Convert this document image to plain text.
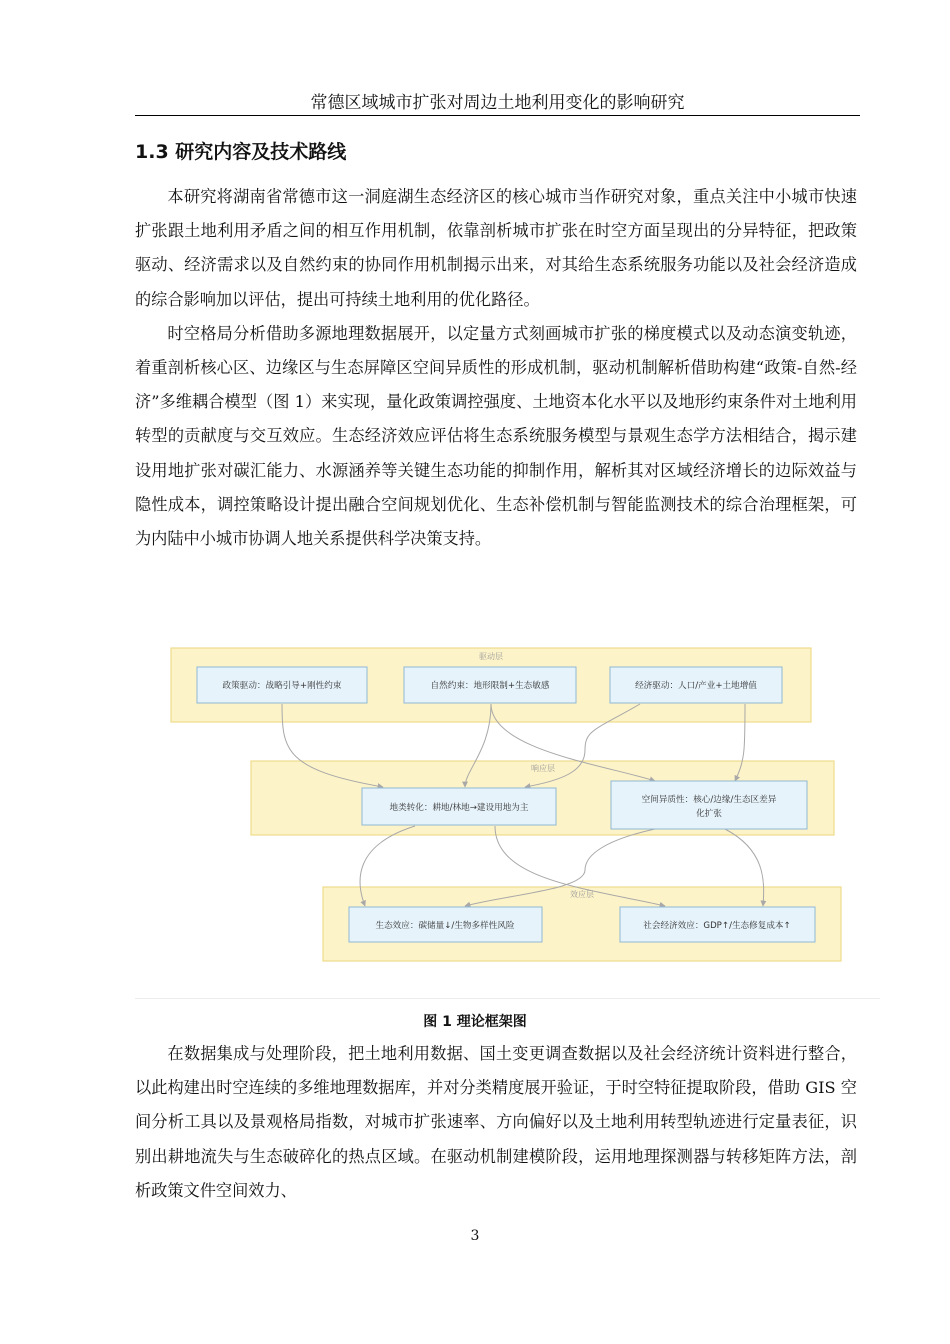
常德区域城市扩张对周边土地利用变化的影响研究
1.3 研究内容及技术路线

本研究将湖南省常德市这一洞庭湖生态经济区的核心城市当作研究对象，重点关注中小城市快速扩张跟土地利用矛盾之间的相互作用机制，依靠剖析城市扩张在时空方面呈现出的分异特征，把政策驱动、经济需求以及自然约束的协同作用机制揭示出来，对其给生态系统服务功能以及社会经济造成的综合影响加以评估，提出可持续土地利用的优化路径。

时空格局分析借助多源地理数据展开，以定量方式刻画城市扩张的梯度模式以及动态演变轨迹，着重剖析核心区、边缘区与生态屏障区空间异质性的形成机制，驱动机制解析借助构建“政策-自然-经济”多维耦合模型（图 1）来实现，量化政策调控强度、土地资本化水平以及地形约束条件对土地利用转型的贡献度与交互效应。生态经济效应评估将生态系统服务模型与景观生态学方法相结合，揭示建设用地扩张对碳汇能力、水源涵养等关键生态功能的抑制作用，解析其对区域经济增长的边际效益与隐性成本，调控策略设计提出融合空间规划优化、生态补偿机制与智能监测技术的综合治理框架，可为内陆中小城市协调人地关系提供科学决策支持。

驱动层
响应层
效应层
政策驱动：战略引导+刚性约束	自然约束：地形限制+生态敏感	经济驱动：人口/产业+土地增值
地类转化：耕地/林地→建设用地为主
空间异质性：核心/边缘/生态区差异
化扩张
生态效应：碳储量↓/生物多样性风险	社会经济效应：GDP↑/生态修复成本↑
图 1 理论框架图

在数据集成与处理阶段，把土地利用数据、国土变更调查数据以及社会经济统计资料进行整合，以此构建出时空连续的多维地理数据库，并对分类精度展开验证，于时空特征提取阶段，借助 GIS 空间分析工具以及景观格局指数，对城市扩张速率、方向偏好以及土地利用转型轨迹进行定量表征，识别出耕地流失与生态破碎化的热点区域。在驱动机制建模阶段，运用地理探测器与转移矩阵方法，剖析政策文件空间效力、

3
